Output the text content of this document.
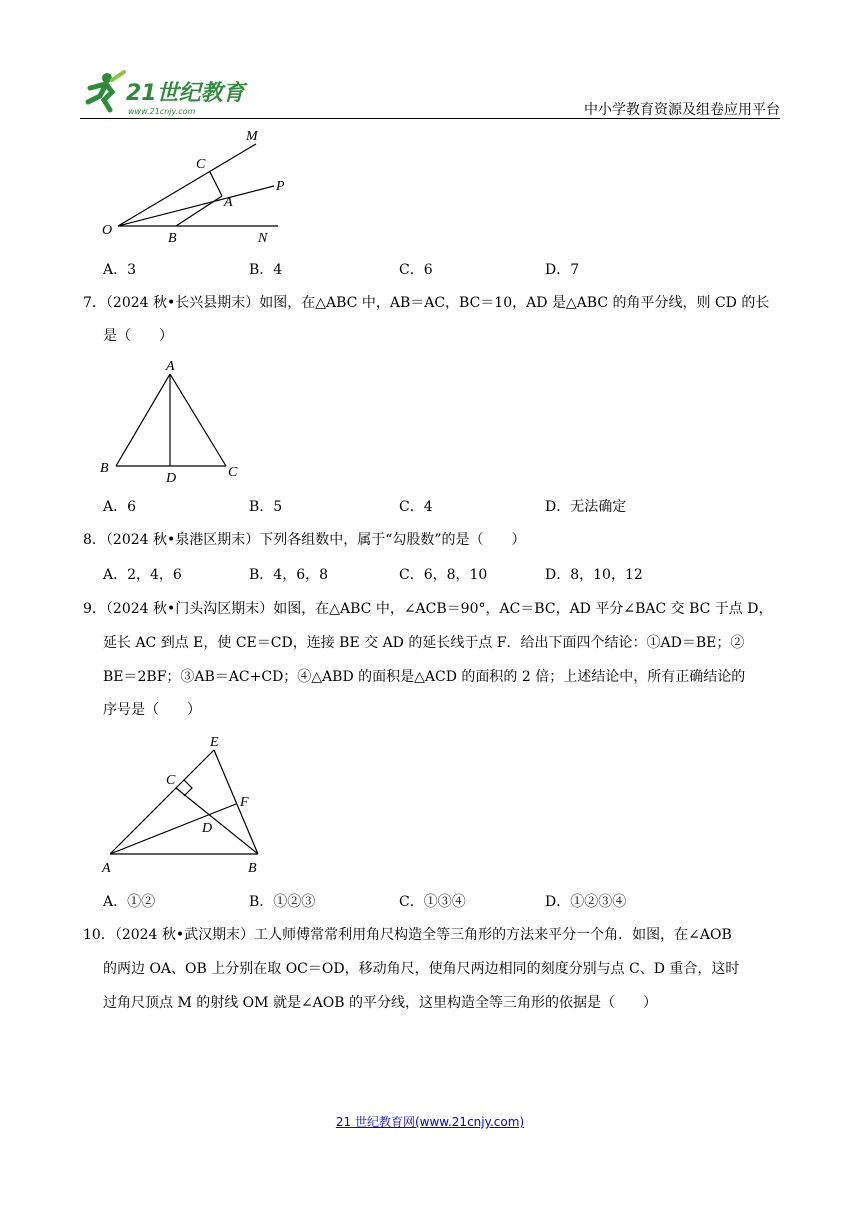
21世纪教育
www.21cnjy.com	中小学教育资源及组卷应用平台
M
C
P
A
O
B	N
A．3	B．4	C．6	D．7
7．（2024 秋•长兴县期末）如图，在△ABC 中，AB＝AC，BC＝10，AD 是△ABC 的角平分线，则 CD 的长
是（　　）
A
B
D	C
A．6	B．5	C．4	D．无法确定
8．（2024 秋•泉港区期末）下列各组数中，属于“勾股数”的是（　　）
A．2，4，6	B．4，6，8	C．6，8，10	D．8，10，12
9．（2024 秋•门头沟区期末）如图，在△ABC 中，∠ACB＝90°，AC＝BC，AD 平分∠BAC 交 BC 于点 D，
延长 AC 到点 E，使 CE＝CD，连接 BE 交 AD 的延长线于点 F．给出下面四个结论：①AD＝BE；②
BE＝2BF；③AB＝AC+CD；④△ABD 的面积是△ACD 的面积的 2 倍；上述结论中，所有正确结论的
序号是（　　）
E
C
F
D
A	B
A．①②	B．①②③	C．①③④	D．①②③④
10．（2024 秋•武汉期末）工人师傅常常利用角尺构造全等三角形的方法来平分一个角．如图，在∠AOB
的两边 OA、OB 上分别在取 OC＝OD，移动角尺，使角尺两边相同的刻度分别与点 C、D 重合，这时
过角尺顶点 M 的射线 OM 就是∠AOB 的平分线，这里构造全等三角形的依据是（　　）
21 世纪教育网(www.21cnjy.com)
